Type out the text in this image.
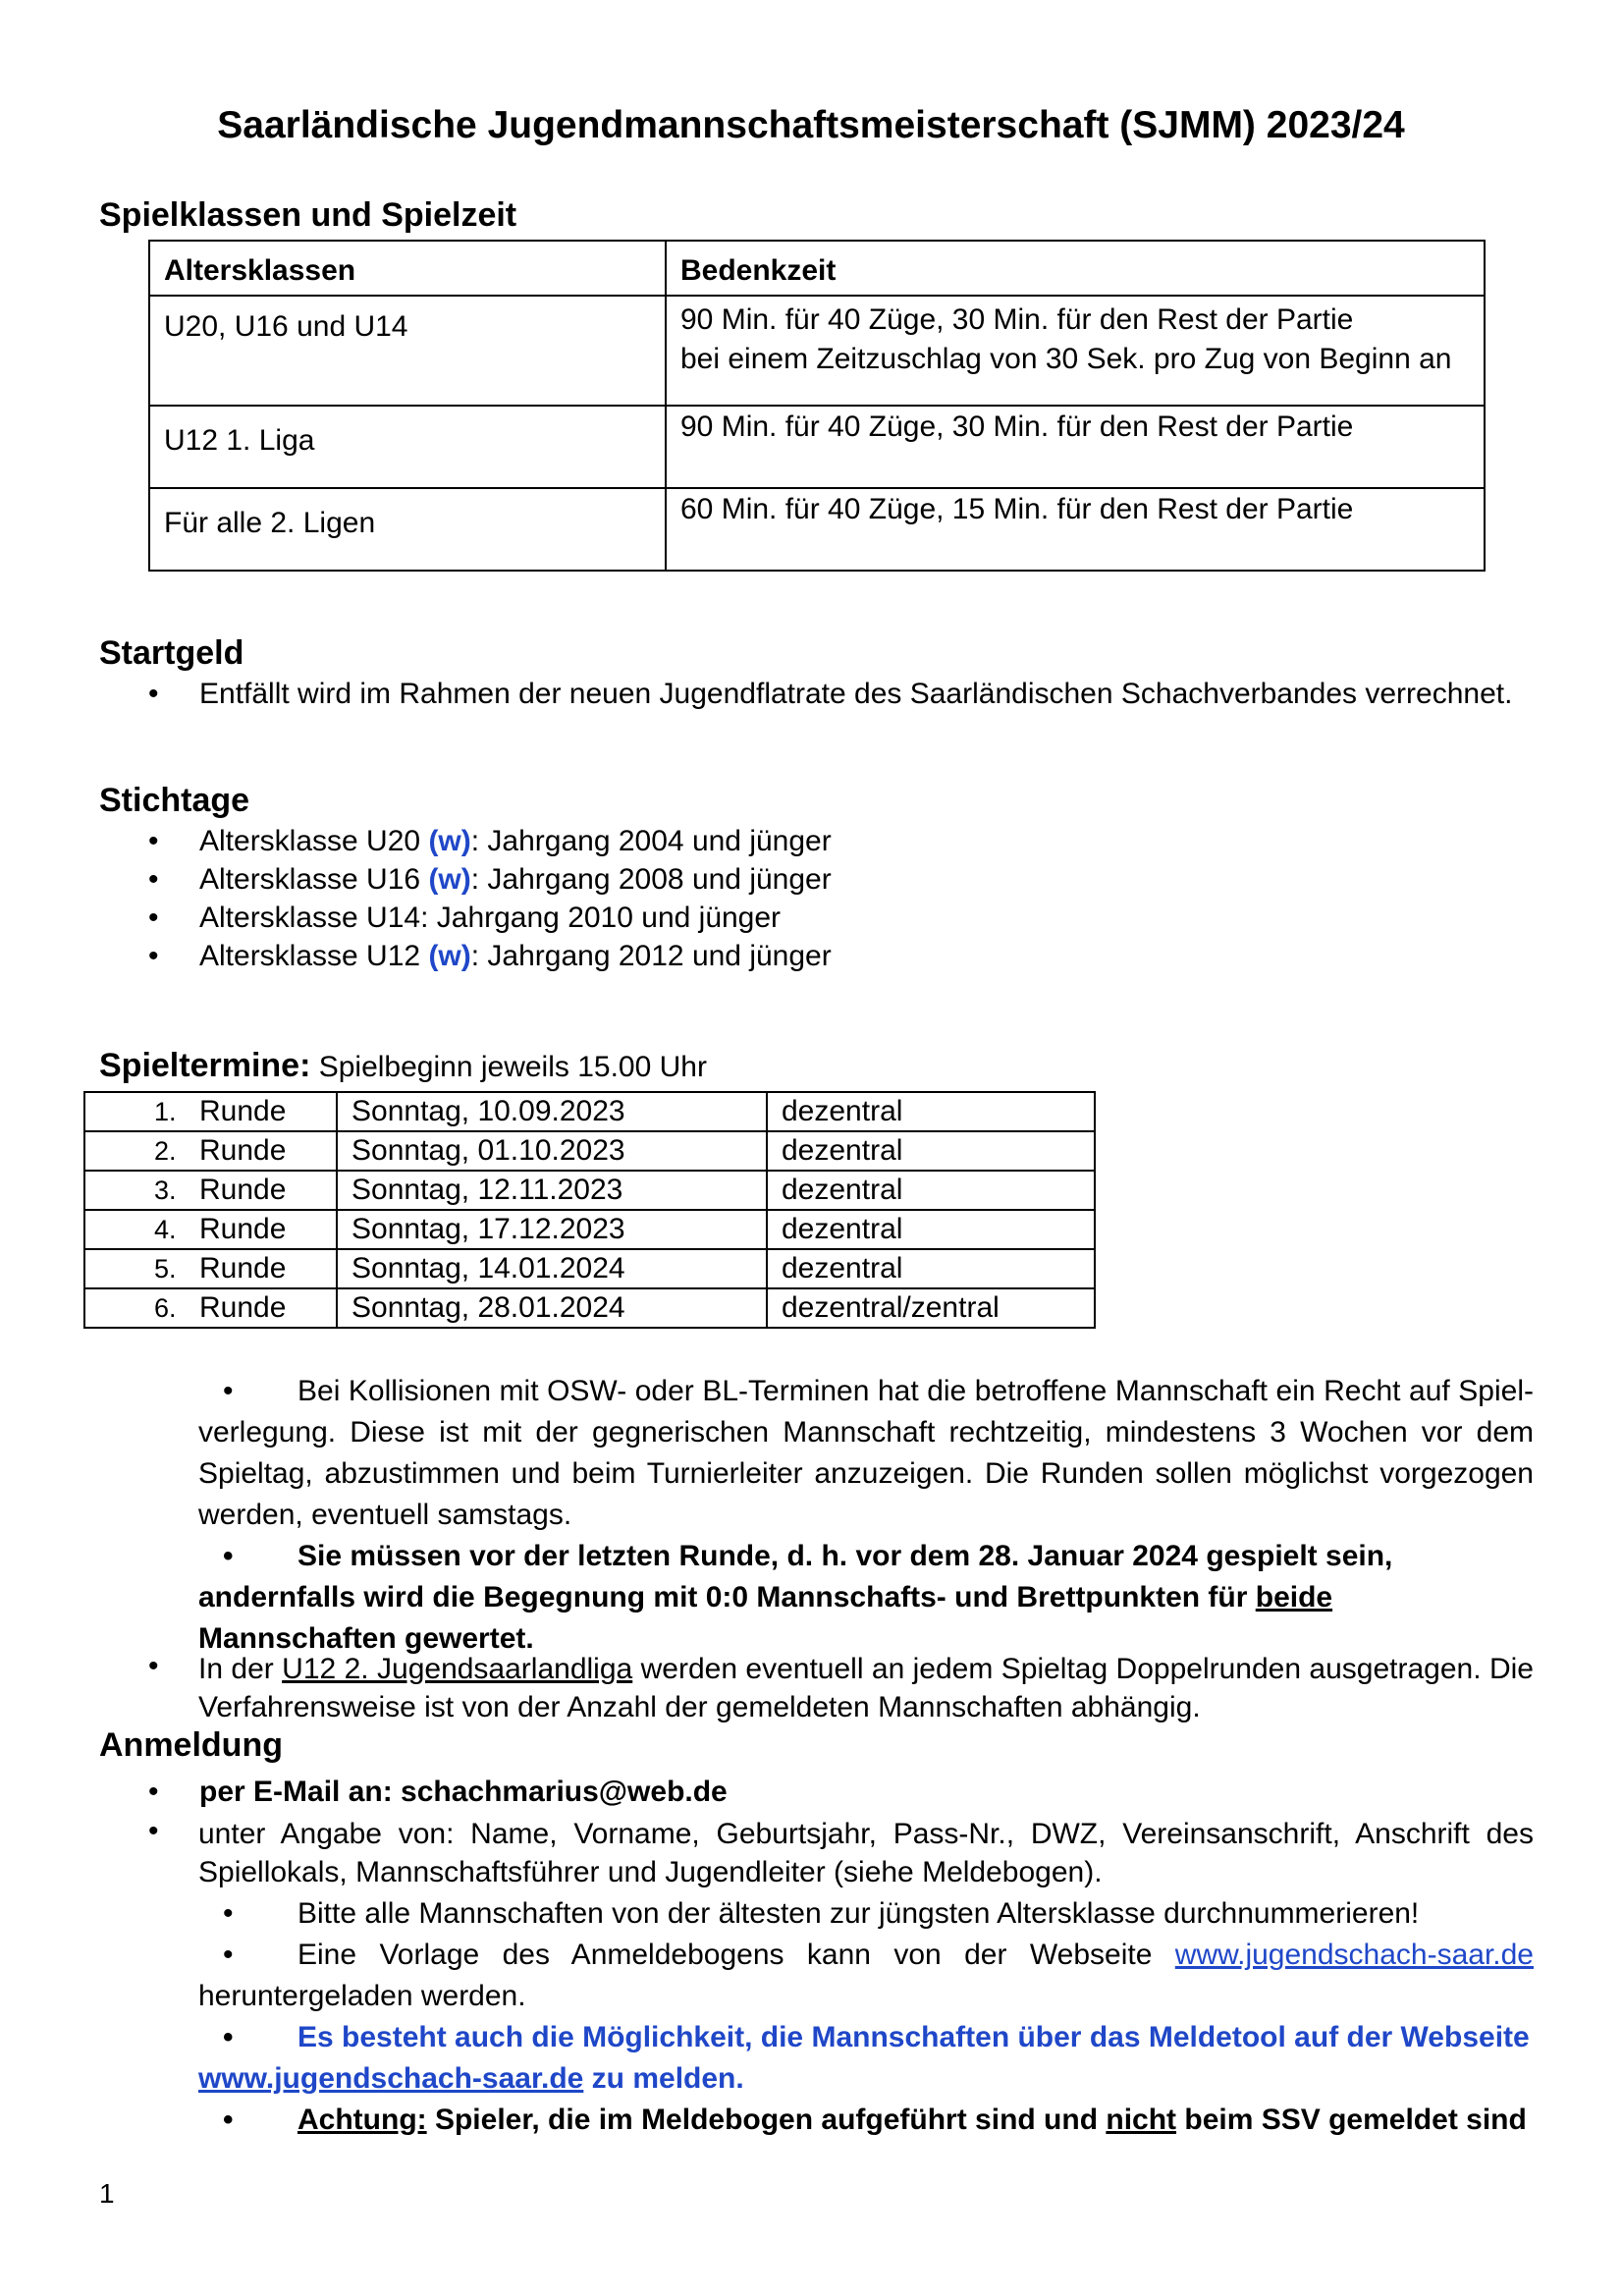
Saarländische Jugendmannschaftsmeisterschaft (SJMM) 2023/24
Spielklassen und Spielzeit
Altersklassen	Bedenkzeit
U20, U16 und U14	90 Min. für 40 Züge, 30 Min. für den Rest der Partie
bei einem Zeitzuschlag von 30 Sek. pro Zug von Beginn an

U12 1. Liga	90 Min. für 40 Züge, 30 Min. für den Rest der Partie
Für alle 2. Ligen	60 Min. für 40 Züge, 15 Min. für den Rest der Partie
Startgeld
• Entfällt wird im Rahmen der neuen Jugendflatrate des Saarländischen Schachverbandes verrechnet.
Stichtage
• Altersklasse U20 (w): Jahrgang 2004 und jünger
• Altersklasse U16 (w): Jahrgang 2008 und jünger
• Altersklasse U14: Jahrgang 2010 und jünger
• Altersklasse U12 (w): Jahrgang 2012 und jünger
Spieltermine: Spielbeginn jeweils 15.00 Uhr
1.	Runde	Sonntag, 10.09.2023	dezentral
2.	Runde	Sonntag, 01.10.2023	dezentral
3.	Runde	Sonntag, 12.11.2023	dezentral
4.	Runde	Sonntag, 17.12.2023	dezentral
5.	Runde	Sonntag, 14.01.2024	dezentral
6.	Runde	Sonntag, 28.01.2024	dezentral/zentral
• Bei Kollisionen mit OSW- oder BL-Terminen hat die betroffene Mannschaft ein Recht auf Spiel-verlegung. Diese ist mit der gegnerischen Mannschaft rechtzeitig, mindestens 3 Wochen vor dem Spieltag, abzustimmen und beim Turnierleiter anzuzeigen. Die Runden sollen möglichst vorgezogen werden, eventuell samstags.
• Sie müssen vor der letzten Runde, d. h. vor dem 28. Januar 2024 gespielt sein, andernfalls wird die Begegnung mit 0:0 Mannschafts- und Brettpunkten für beide Mannschaften gewertet.
• In der U12 2. Jugendsaarlandliga werden eventuell an jedem Spieltag Doppelrunden ausgetragen. Die Verfahrensweise ist von der Anzahl der gemeldeten Mannschaften abhängig.
Anmeldung
• per E-Mail an: schachmarius@web.de
• unter Angabe von: Name, Vorname, Geburtsjahr, Pass-Nr., DWZ, Vereinsanschrift, Anschrift des Spiellokals, Mannschaftsführer und Jugendleiter (siehe Meldebogen).
• Bitte alle Mannschaften von der ältesten zur jüngsten Altersklasse durchnummerieren!
• Eine Vorlage des Anmeldebogens kann von der Webseite www.jugendschach-saar.de heruntergeladen werden.
• Es besteht auch die Möglichkeit, die Mannschaften über das Meldetool auf der Webseite www.jugendschach-saar.de zu melden.
• Achtung: Spieler, die im Meldebogen aufgeführt sind und nicht beim SSV gemeldet sind
1
